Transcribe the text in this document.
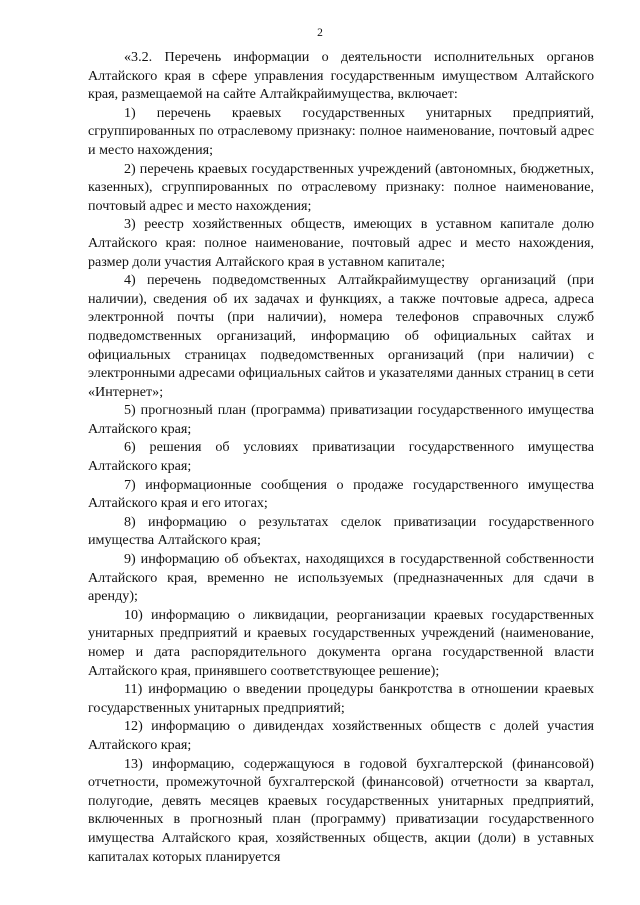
2

«3.2. Перечень информации о деятельности исполнительных органов Алтайского края в сфере управления государственным имуществом Алтайского края, размещаемой на сайте Алтайкрайимущества, включает:

1) перечень краевых государственных унитарных предприятий, сгруппированных по отраслевому признаку: полное наименование, почтовый адрес и место нахождения;

2) перечень краевых государственных учреждений (автономных, бюджетных, казенных), сгруппированных по отраслевому признаку: полное наименование, почтовый адрес и место нахождения;

3) реестр хозяйственных обществ, имеющих в уставном капитале долю Алтайского края: полное наименование, почтовый адрес и место нахождения, размер доли участия Алтайского края в уставном капитале;

4) перечень подведомственных Алтайкрайимуществу организаций (при наличии), сведения об их задачах и функциях, а также почтовые адреса, адреса электронной почты (при наличии), номера телефонов справочных служб подведомственных организаций, информацию об официальных сайтах и официальных страницах подведомственных организаций (при наличии) с электронными адресами официальных сайтов и указателями данных страниц в сети «Интернет»;

5) прогнозный план (программа) приватизации государственного имущества Алтайского края;

6) решения об условиях приватизации государственного имущества Алтайского края;

7) информационные сообщения о продаже государственного имущества Алтайского края и его итогах;

8) информацию о результатах сделок приватизации государственного имущества Алтайского края;

9) информацию об объектах, находящихся в государственной собственности Алтайского края, временно не используемых (предназначенных для сдачи в аренду);

10) информацию о ликвидации, реорганизации краевых государственных унитарных предприятий и краевых государственных учреждений (наименование, номер и дата распорядительного документа органа государственной власти Алтайского края, принявшего соответствующее решение);

11) информацию о введении процедуры банкротства в отношении краевых государственных унитарных предприятий;

12) информацию о дивидендах хозяйственных обществ с долей участия Алтайского края;

13) информацию, содержащуюся в годовой бухгалтерской (финансовой) отчетности, промежуточной бухгалтерской (финансовой) отчетности за квартал, полугодие, девять месяцев краевых государственных унитарных предприятий, включенных в прогнозный план (программу) приватизации государственного имущества Алтайского края, хозяйственных обществ, акции (доли) в уставных капиталах которых планируется
